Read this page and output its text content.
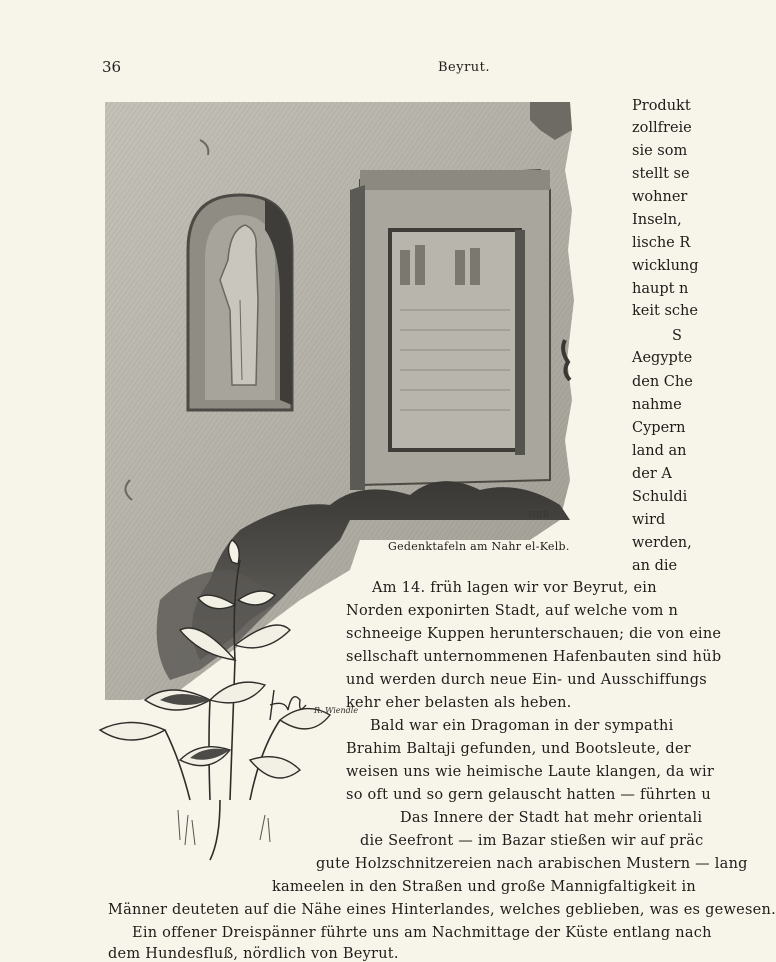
36	Beyrut.
HRB
R. Wiendle
Gedenktafeln am Nahr el-Kelb.
Produkt
zollfreie
sie som
stellt se
wohner
Inseln,
lische R
wicklung
haupt n
keit sche
S
Aegypte
den Che
nahme
Cypern
land an
der A
Schuldi
wird
werden,
an die
Am 14. früh lagen wir vor Beyrut, ein
Norden exponirten Stadt, auf welche vom n
schneeige Kuppen herunterschauen; die von eine
sellschaft unternommenen Hafenbauten sind hüb
und werden durch neue Ein- und Ausschiffungs
kehr eher belasten als heben.
Bald war ein Dragoman in der sympathi
Brahim Baltaji gefunden, und Bootsleute, der
weisen uns wie heimische Laute klangen, da wir
so oft und so gern gelauscht hatten — führten u
Das Innere der Stadt hat mehr orientali
die Seefront — im Bazar stießen wir auf präc
gute Holzschnitzereien nach arabischen Mustern — lang
kameelen in den Straßen und große Mannigfaltigkeit in
Männer deuteten auf die Nähe eines Hinterlandes, welches geblieben, was es gewesen.
Ein offener Dreispänner führte uns am Nachmittage der Küste entlang nach
dem Hundesfluß, nördlich von Beyrut.
